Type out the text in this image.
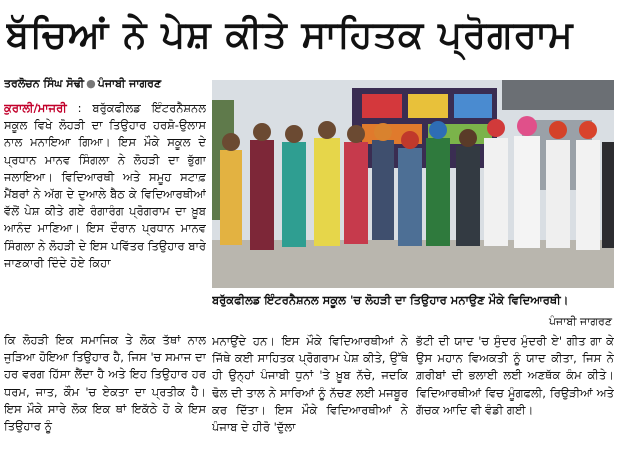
ਬੱਚਿਆਂ ਨੇ ਪੇਸ਼ ਕੀਤੇ ਸਾਹਿਤਕ ਪ੍ਰੋਗਰਾਮ
ਤਰਲੋਚਨ ਸਿੰਘ ਸੋਢੀ ● ਪੰਜਾਬੀ ਜਾਗਰਣ
ਕੁਰਾਲੀ/ਮਾਜਰੀ : ਬਰੁੱਕਫੀਲਡ ਇੰਟਰਨੈਸ਼ਨਲ ਸਕੂਲ ਵਿਖੇ ਲੋਹੜੀ ਦਾ ਤਿਉਹਾਰ ਹਰਸ਼ੋ-ਉਲਾਸ ਨਾਲ ਮਨਾਇਆ ਗਿਆ। ਇਸ ਮੌਕੇ ਸਕੂਲ ਦੇ ਪ੍ਰਧਾਨ ਮਾਨਵ ਸਿੰਗਲਾ ਨੇ ਲੋਹੜੀ ਦਾ ਭੁੱਗਾ ਜਲਾਇਆ। ਵਿਦਿਆਰਥੀ ਅਤੇ ਸਮੂਹ ਸਟਾਫ਼ ਮੈਂਬਰਾਂ ਨੇ ਅੱਗ ਦੇ ਦੁਆਲੇ ਬੈਠ ਕੇ ਵਿਦਿਆਰਥੀਆਂ ਵੱਲੋਂ ਪੇਸ਼ ਕੀਤੇ ਗਏ ਰੰਗਾਰੰਗ ਪ੍ਰੋਗਰਾਮ ਦਾ ਖ਼ੂਬ ਆਨੰਦ ਮਾਣਿਆ। ਇਸ ਦੌਰਾਨ ਪ੍ਰਧਾਨ ਮਾਨਵ ਸਿੰਗਲਾ ਨੇ ਲੋਹੜੀ ਦੇ ਇਸ ਪਵਿੱਤਰ ਤਿਉਹਾਰ ਬਾਰੇ ਜਾਣਕਾਰੀ ਦਿੰਦੇ ਹੋਏ ਕਿਹਾ
ਬਰੁੱਕਫੀਲਡ ਇੰਟਰਨੈਸ਼ਨਲ ਸਕੂਲ 'ਚ ਲੋਹੜੀ ਦਾ ਤਿਉਹਾਰ ਮਨਾਉਣ ਮੌਕੇ ਵਿਦਿਆਰਥੀ।
ਪੰਜਾਬੀ ਜਾਗਰਣ
ਕਿ ਲੋਹੜੀ ਇਕ ਸਮਾਜਿਕ ਤੇ ਲੋਕ ਤੱਥਾਂ ਨਾਲ ਜੁੜਿਆ ਹੋਇਆ ਤਿਉਹਾਰ ਹੈ, ਜਿਸ 'ਚ ਸਮਾਜ ਦਾ ਹਰ ਵਰਗ ਹਿੱਸਾ ਲੈਂਦਾ ਹੈ ਅਤੇ ਇਹ ਤਿਉਹਾਰ ਹਰ ਧਰਮ, ਜਾਤ, ਕੌਮ 'ਚ ਏਕਤਾ ਦਾ ਪ੍ਰਤੀਕ ਹੈ। ਇਸ ਮੌਕੇ ਸਾਰੇ ਲੋਕ ਇਕ ਥਾਂ ਇਕੱਠੇ ਹੋ ਕੇ ਇਸ ਤਿਉਹਾਰ ਨੂੰ
ਮਨਾਉਂਦੇ ਹਨ। ਇਸ ਮੌਕੇ ਵਿਦਿਆਰਥੀਆਂ ਨੇ ਜਿੱਥੇ ਕਈ ਸਾਹਿਤਕ ਪ੍ਰੋਗਰਾਮ ਪੇਸ਼ ਕੀਤੇ, ਉੱਥੇ ਹੀ ਉਨ੍ਹਾਂ ਪੰਜਾਬੀ ਧੁਨਾਂ 'ਤੇ ਖ਼ੂਬ ਨੱਚੇ, ਜਦਕਿ ਢੋਲ ਦੀ ਤਾਲ ਨੇ ਸਾਰਿਆਂ ਨੂੰ ਨੱਚਣ ਲਈ ਮਜਬੂਰ ਕਰ ਦਿੱਤਾ। ਇਸ ਮੌਕੇ ਵਿਦਿਆਰਥੀਆਂ ਨੇ ਪੰਜਾਬ ਦੇ ਹੀਰੋ 'ਦੁੱਲਾ
ਭੱਟੀ ਦੀ ਯਾਦ 'ਚ ਸੁੰਦਰ ਮੁੰਦਰੀ ਏ' ਗੀਤ ਗਾ ਕੇ ਉਸ ਮਹਾਨ ਵਿਅਕਤੀ ਨੂੰ ਯਾਦ ਕੀਤਾ, ਜਿਸ ਨੇ ਗ਼ਰੀਬਾਂ ਦੀ ਭਲਾਈ ਲਈ ਅਣਥੱਕ ਕੰਮ ਕੀਤੇ। ਵਿਦਿਆਰਥੀਆਂ ਵਿਚ ਮੂੰਗਫਲੀ, ਰਿਉੜੀਆਂ ਅਤੇ ਗੱਚਕ ਆਦਿ ਵੀ ਵੰਡੀ ਗਈ।
